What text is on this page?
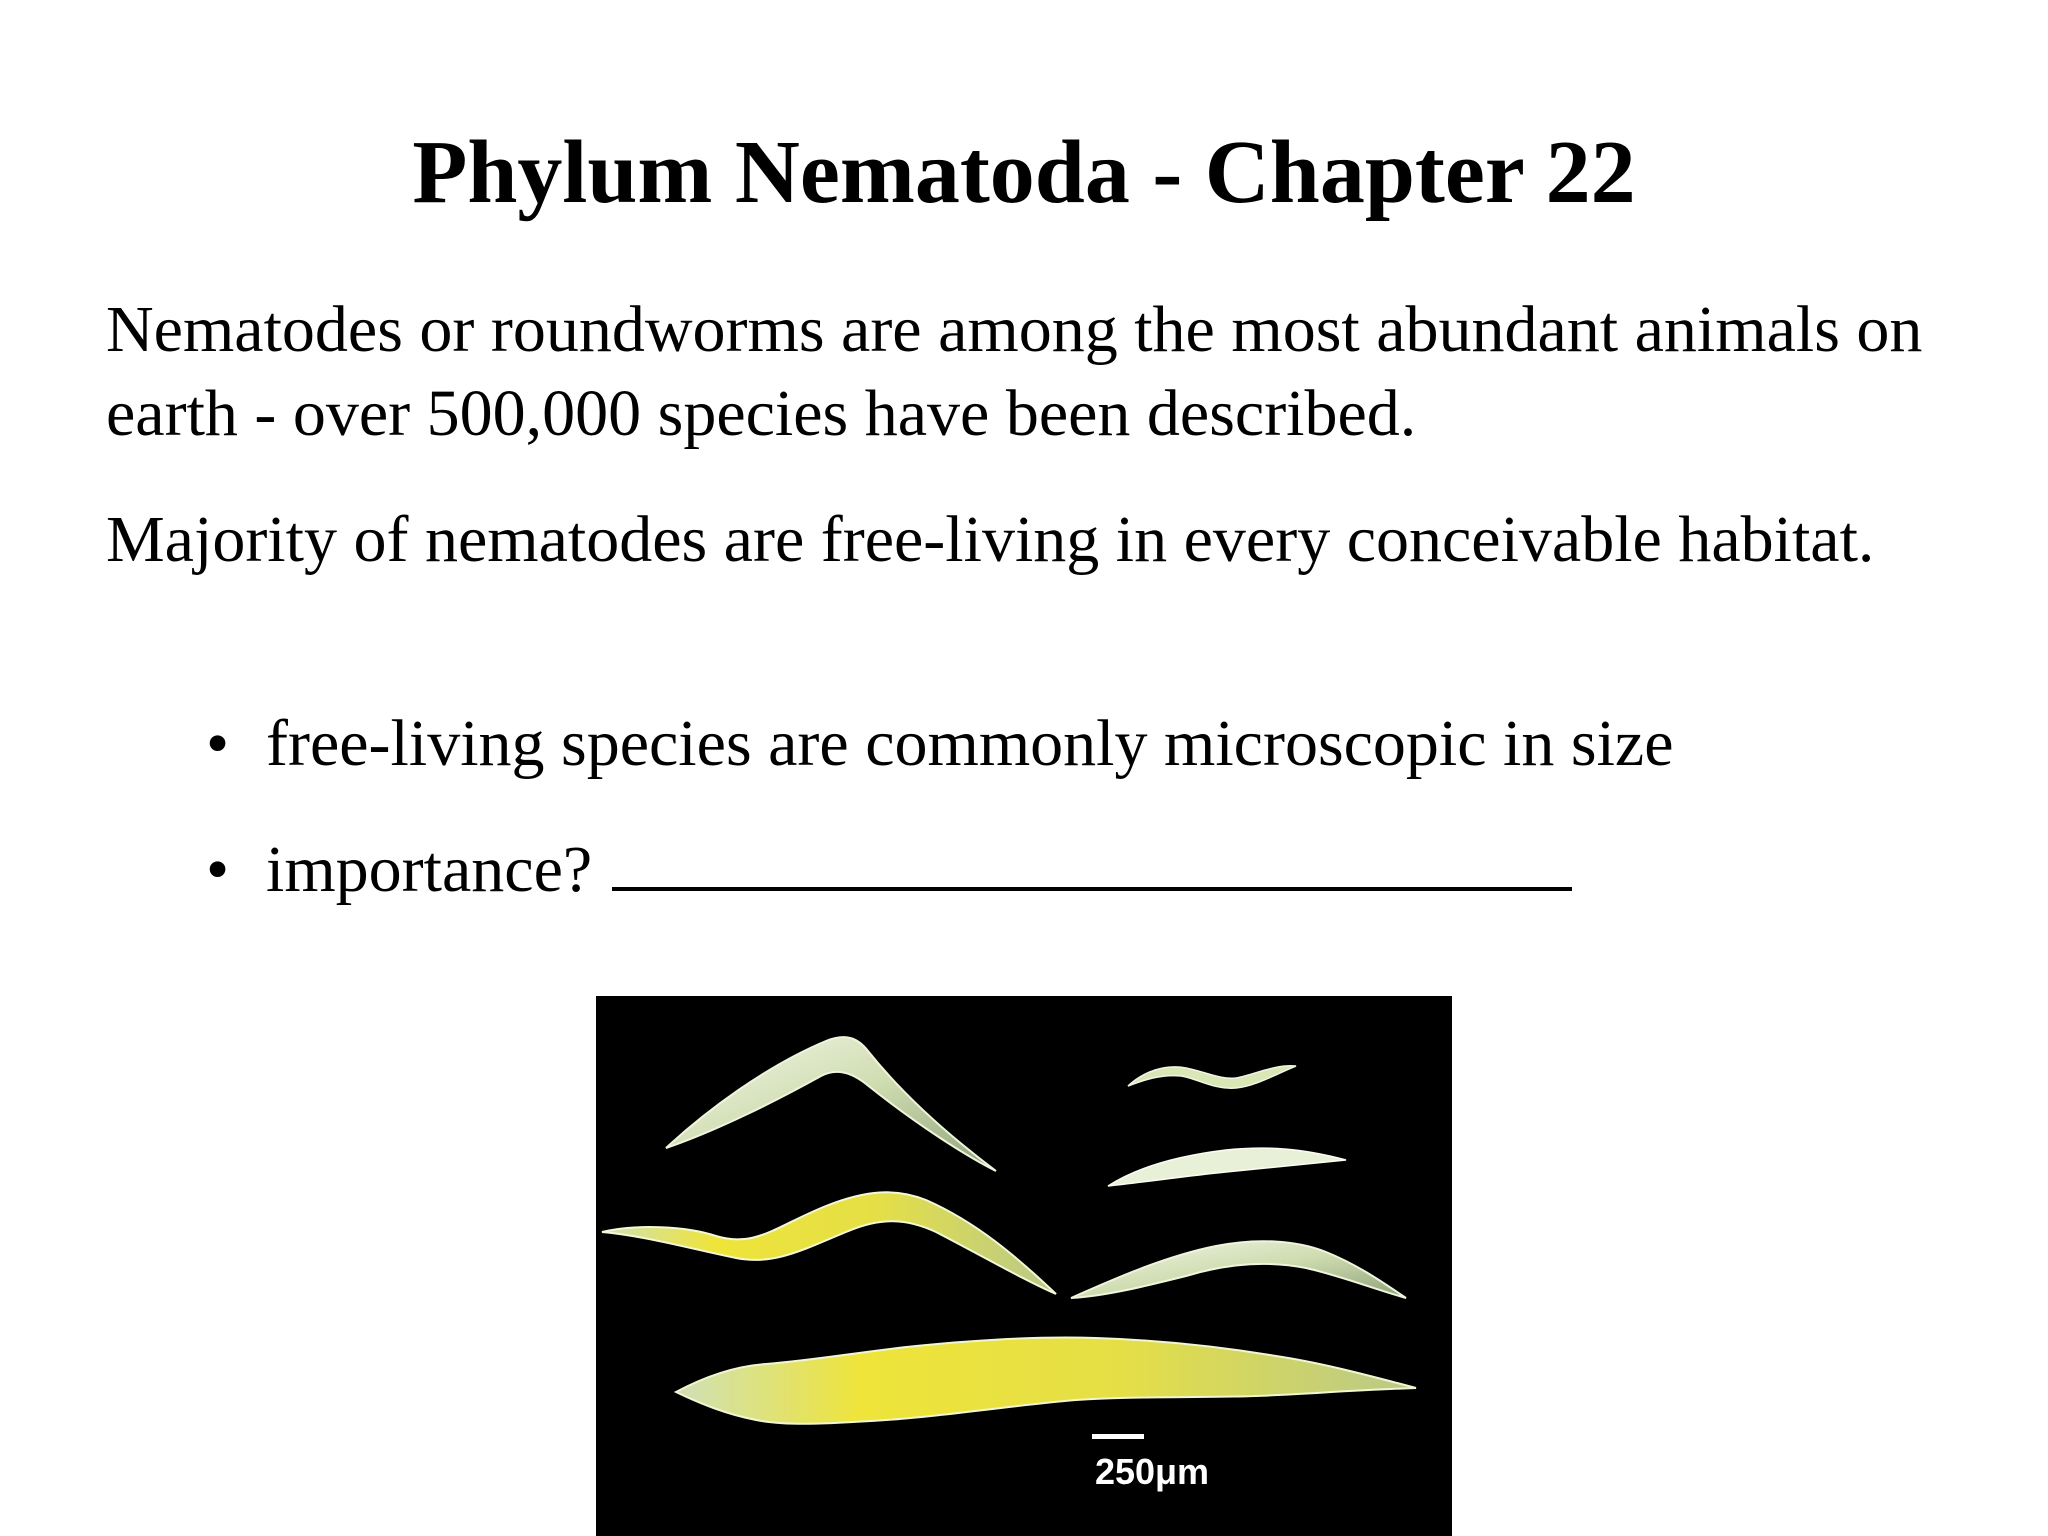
Phylum Nematoda - Chapter 22
Nematodes or roundworms are among the most abundant animals on earth - over 500,000 species have been described.
Majority of nematodes are free-living in every conceivable habitat.
• free-living species are commonly microscopic in size
• importance?
250μm
